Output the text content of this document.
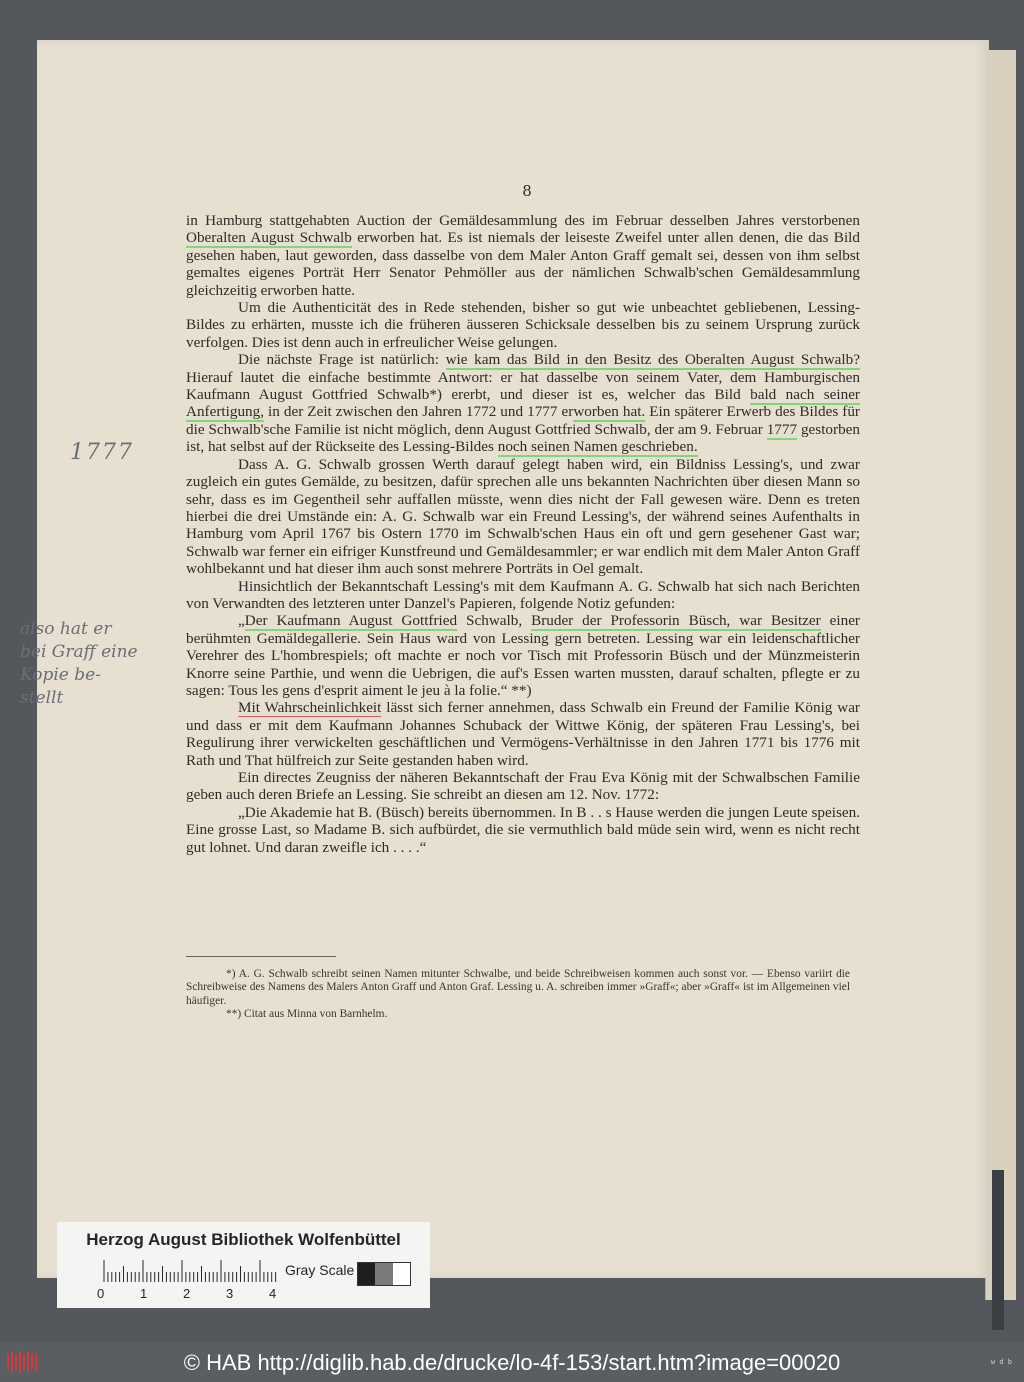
8

in Hamburg stattgehabten Auction der Gemäldesammlung des im Februar desselben Jahres verstorbenen Oberalten August Schwalb erworben hat. Es ist niemals der leiseste Zweifel unter allen denen, die das Bild gesehen haben, laut geworden, dass dasselbe von dem Maler Anton Graff gemalt sei, dessen von ihm selbst gemaltes eigenes Porträt Herr Senator Pehmöller aus der nämlichen Schwalb'schen Gemäldesammlung gleichzeitig erworben hatte.

Um die Authenticität des in Rede stehenden, bisher so gut wie unbeachtet gebliebenen, Lessing-Bildes zu erhärten, musste ich die früheren äusseren Schicksale desselben bis zu seinem Ursprung zurück verfolgen. Dies ist denn auch in erfreulicher Weise gelungen.

Die nächste Frage ist natürlich: wie kam das Bild in den Besitz des Oberalten August Schwalb? Hierauf lautet die einfache bestimmte Antwort: er hat dasselbe von seinem Vater, dem Hamburgischen Kaufmann August Gottfried Schwalb*) ererbt, und dieser ist es, welcher das Bild bald nach seiner Anfertigung, in der Zeit zwischen den Jahren 1772 und 1777 erworben hat. Ein späterer Erwerb des Bildes für die Schwalb'sche Familie ist nicht möglich, denn August Gottfried Schwalb, der am 9. Februar 1777 gestorben ist, hat selbst auf der Rückseite des Lessing-Bildes noch seinen Namen geschrieben.

Dass A. G. Schwalb grossen Werth darauf gelegt haben wird, ein Bildniss Lessing's, und zwar zugleich ein gutes Gemälde, zu besitzen, dafür sprechen alle uns bekannten Nachrichten über diesen Mann so sehr, dass es im Gegentheil sehr auffallen müsste, wenn dies nicht der Fall gewesen wäre. Denn es treten hierbei die drei Umstände ein: A. G. Schwalb war ein Freund Lessing's, der während seines Aufenthalts in Hamburg vom April 1767 bis Ostern 1770 im Schwalb'schen Haus ein oft und gern gesehener Gast war; Schwalb war ferner ein eifriger Kunstfreund und Gemäldesammler; er war endlich mit dem Maler Anton Graff wohlbekannt und hat dieser ihm auch sonst mehrere Porträts in Oel gemalt.

Hinsichtlich der Bekanntschaft Lessing's mit dem Kaufmann A. G. Schwalb hat sich nach Berichten von Verwandten des letzteren unter Danzel's Papieren, folgende Notiz gefunden:

„Der Kaufmann August Gottfried Schwalb, Bruder der Professorin Büsch, war Besitzer einer berühmten Gemäldegallerie. Sein Haus ward von Lessing gern betreten. Lessing war ein leidenschaftlicher Verehrer des L'hombrespiels; oft machte er noch vor Tisch mit Professorin Büsch und der Münzmeisterin Knorre seine Parthie, und wenn die Uebrigen, die auf's Essen warten mussten, darauf schalten, pflegte er zu sagen: Tous les gens d'esprit aiment le jeu à la folie.“ **)

Mit Wahrscheinlichkeit lässt sich ferner annehmen, dass Schwalb ein Freund der Familie König war und dass er mit dem Kaufmann Johannes Schuback der Wittwe König, der späteren Frau Lessing's, bei Regulirung ihrer verwickelten geschäftlichen und Vermögens-Verhältnisse in den Jahren 1771 bis 1776 mit Rath und That hülfreich zur Seite gestanden haben wird.

Ein directes Zeugniss der näheren Bekanntschaft der Frau Eva König mit der Schwalbschen Familie geben auch deren Briefe an Lessing. Sie schreibt an diesen am 12. Nov. 1772:

„Die Akademie hat B. (Büsch) bereits übernommen. In B . . s Hause werden die jungen Leute speisen. Eine grosse Last, so Madame B. sich aufbürdet, die sie vermuthlich bald müde sein wird, wenn es nicht recht gut lohnet. Und daran zweifle ich . . . .“

*) A. G. Schwalb schreibt seinen Namen mitunter Schwalbe, und beide Schreibweisen kommen auch sonst vor. — Ebenso variirt die Schreibweise des Namens des Malers Anton Graff und Anton Graf. Lessing u. A. schreiben immer »Graff«; aber »Graff« ist im Allgemeinen viel häufiger.

**) Citat aus Minna von Barnhelm.

1777
also hat er
bei Graff eine
Kopie be-
stellt
Herzog August Bibliothek Wolfenbüttel
Gray Scale
0	1	2	3	4
© HAB http://diglib.hab.de/drucke/lo-4f-153/start.htm?image=00020	w d b
